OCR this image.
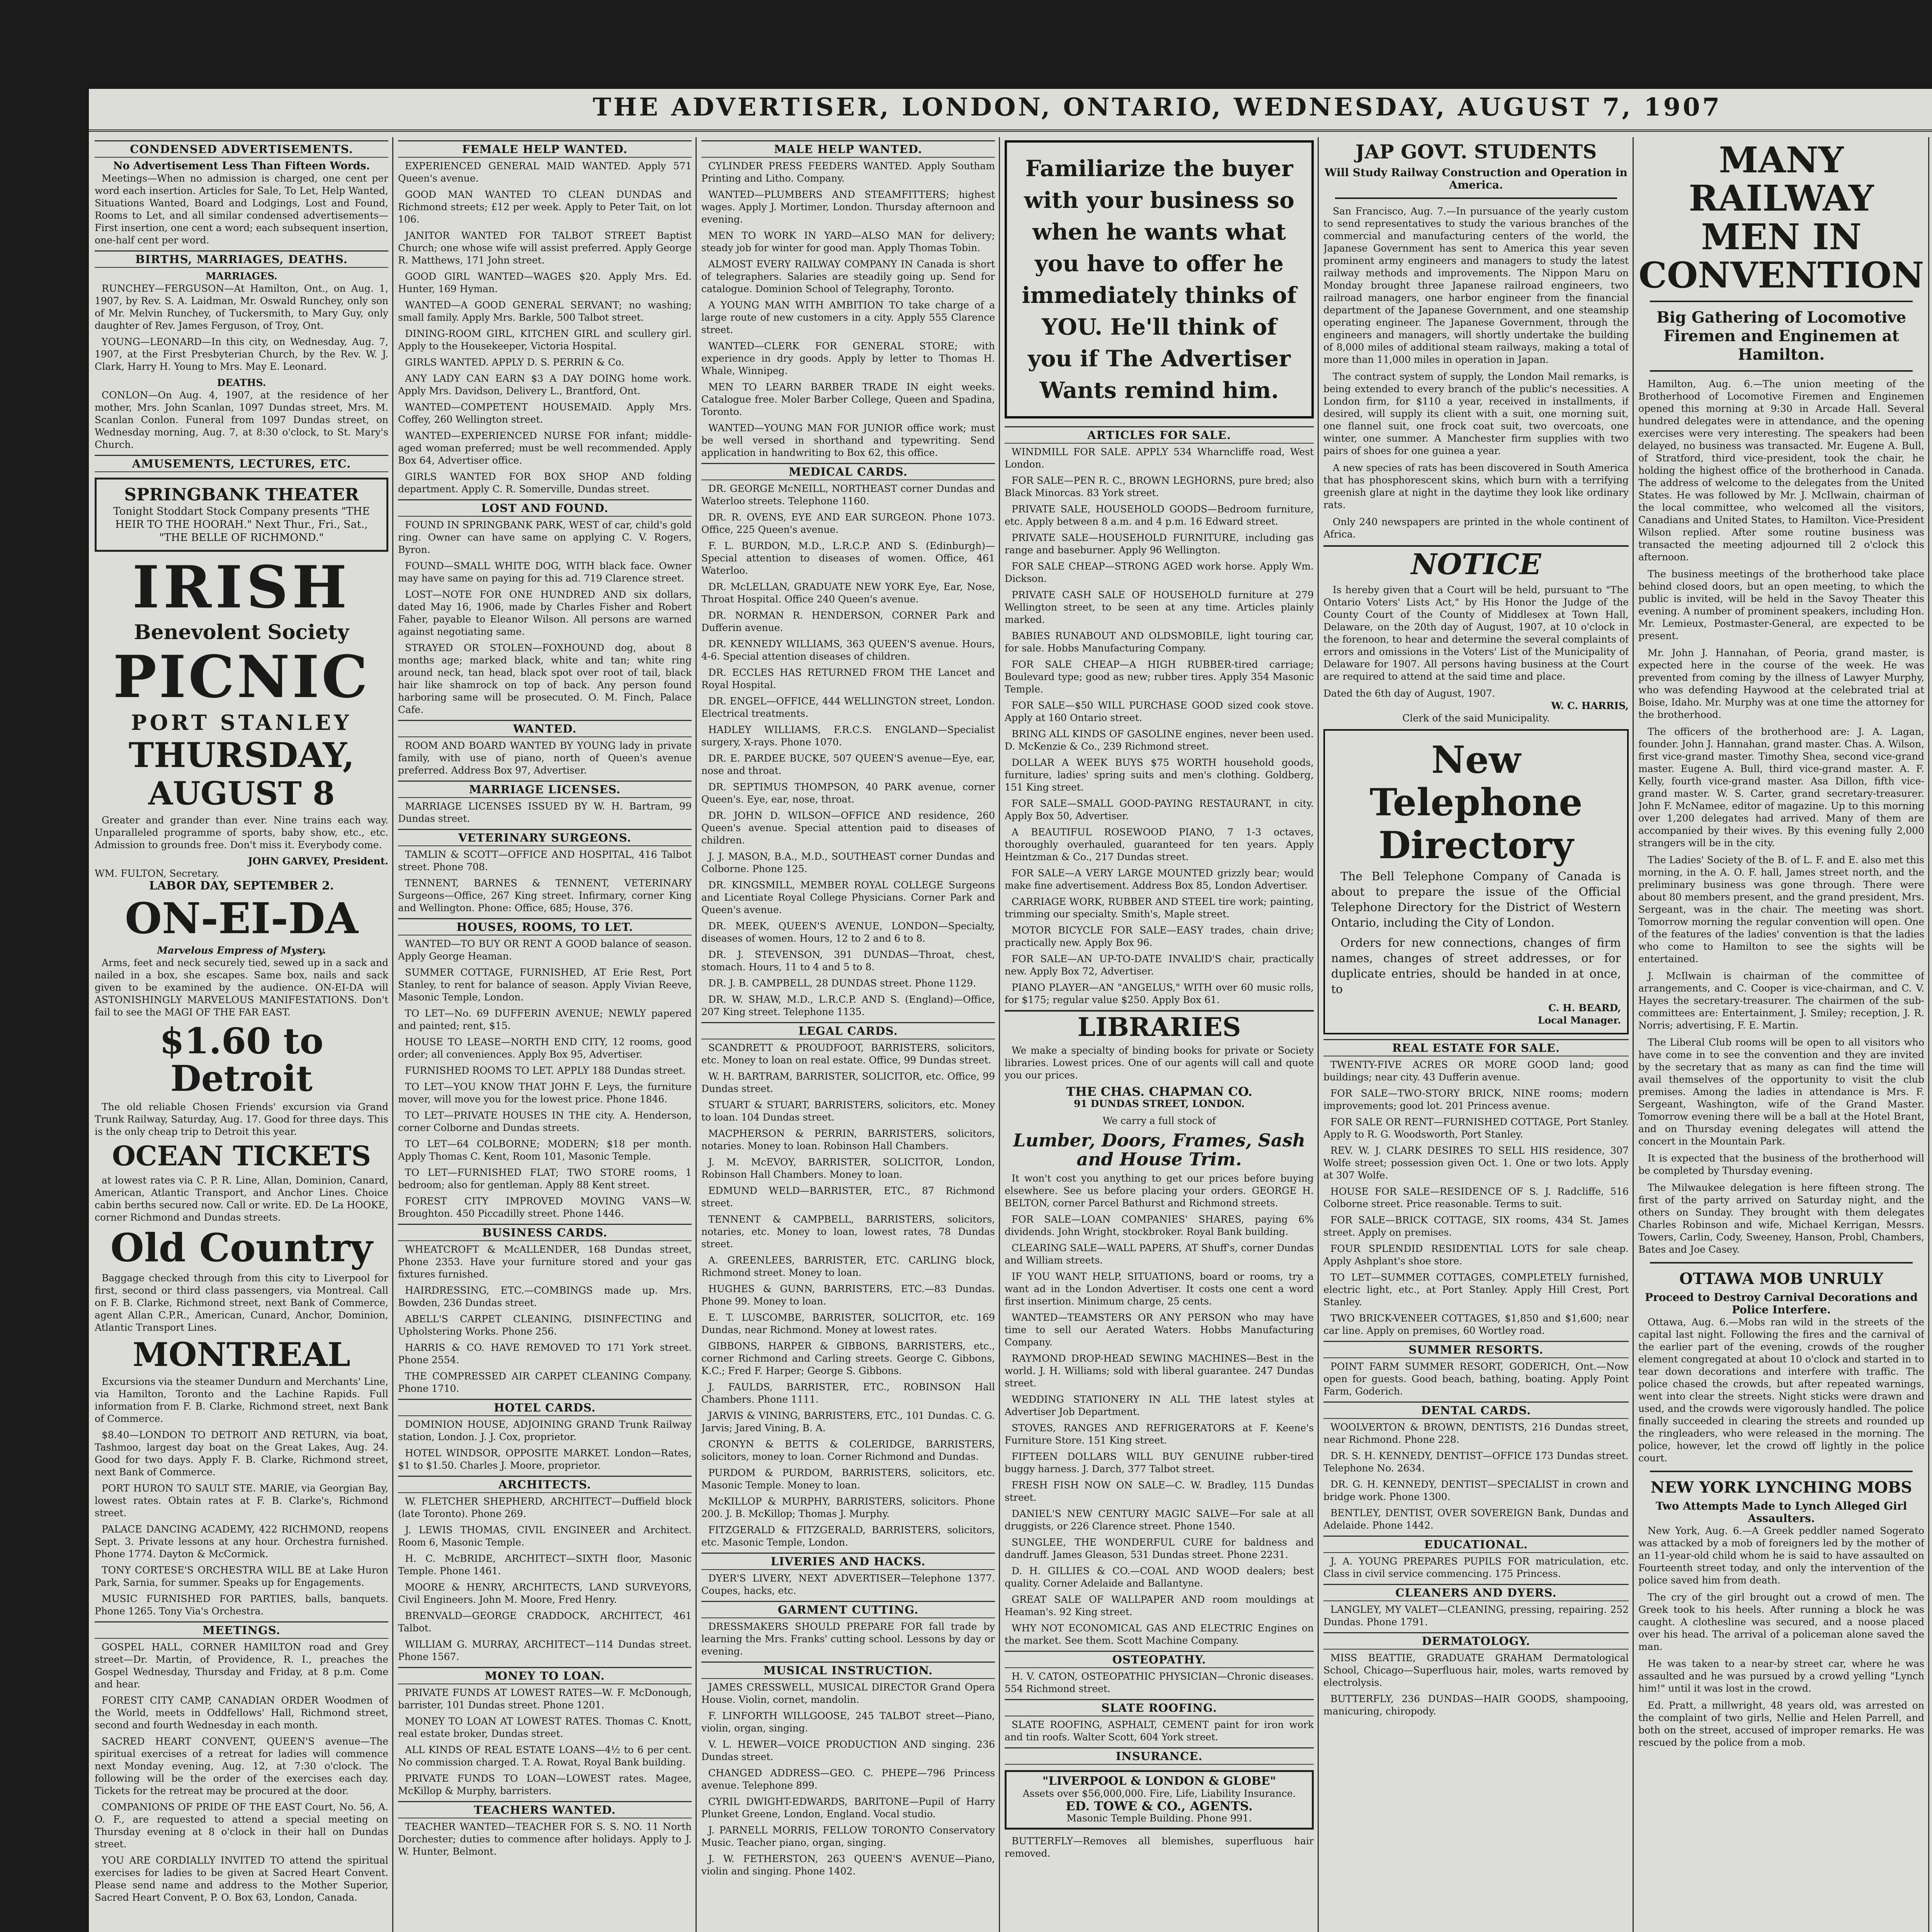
THE ADVERTISER, LONDON, ONTARIO, WEDNESDAY, AUGUST 7, 1907
CONDENSED ADVERTISEMENTS.
No Advertisement Less Than Fifteen Words.

Meetings—When no admission is charged, one cent per word each insertion. Articles for Sale, To Let, Help Wanted, Situations Wanted, Board and Lodgings, Lost and Found, Rooms to Let, and all similar condensed advertisements—First insertion, one cent a word; each subsequent insertion, one-half cent per word.

BIRTHS, MARRIAGES, DEATHS.
MARRIAGES.

RUNCHEY—FERGUSON—At Hamilton, Ont., on Aug. 1, 1907, by Rev. S. A. Laidman, Mr. Oswald Runchey, only son of Mr. Melvin Runchey, of Tuckersmith, to Mary Guy, only daughter of Rev. James Ferguson, of Troy, Ont.

YOUNG—LEONARD—In this city, on Wednesday, Aug. 7, 1907, at the First Presbyterian Church, by the Rev. W. J. Clark, Harry H. Young to Mrs. May E. Leonard.

DEATHS.

CONLON—On Aug. 4, 1907, at the residence of her mother, Mrs. John Scanlan, 1097 Dundas street, Mrs. M. Scanlan Conlon. Funeral from 1097 Dundas street, on Wednesday morning, Aug. 7, at 8:30 o'clock, to St. Mary's Church.

AMUSEMENTS, LECTURES, ETC.
SPRINGBANK THEATER
Tonight Stoddart Stock Company presents "THE HEIR TO THE HOORAH." Next Thur., Fri., Sat., "THE BELLE OF RICHMOND."
IRISH
Benevolent Society
PICNIC
PORT STANLEY
THURSDAY,
AUGUST 8

Greater and grander than ever. Nine trains each way. Unparalleled programme of sports, baby show, etc., etc. Admission to grounds free. Don't miss it. Everybody come.

JOHN GARVEY, President.
WM. FULTON, Secretary.
LABOR DAY, SEPTEMBER 2.
ON-EI-DA
Marvelous Empress of Mystery.

Arms, feet and neck securely tied, sewed up in a sack and nailed in a box, she escapes. Same box, nails and sack given to be examined by the audience. ON-EI-DA will ASTONISHINGLY MARVELOUS MANIFESTATIONS. Don't fail to see the MAGI OF THE FAR EAST.

$1.60 to Detroit

The old reliable Chosen Friends' excursion via Grand Trunk Railway, Saturday, Aug. 17. Good for three days. This is the only cheap trip to Detroit this year.

OCEAN TICKETS

at lowest rates via C. P. R. Line, Allan, Dominion, Canard, American, Atlantic Transport, and Anchor Lines. Choice cabin berths secured now. Call or write. ED. De La HOOKE, corner Richmond and Dundas streets.

Old Country

Baggage checked through from this city to Liverpool for first, second or third class passengers, via Montreal. Call on F. B. Clarke, Richmond street, next Bank of Commerce, agent Allan C.P.R., American, Cunard, Anchor, Dominion, Atlantic Transport Lines.

MONTREAL

Excursions via the steamer Dundurn and Merchants' Line, via Hamilton, Toronto and the Lachine Rapids. Full information from F. B. Clarke, Richmond street, next Bank of Commerce.

$8.40—LONDON TO DETROIT AND RETURN, via boat, Tashmoo, largest day boat on the Great Lakes, Aug. 24. Good for two days. Apply F. B. Clarke, Richmond street, next Bank of Commerce.

PORT HURON TO SAULT STE. MARIE, via Georgian Bay, lowest rates. Obtain rates at F. B. Clarke's, Richmond street.

PALACE DANCING ACADEMY, 422 RICHMOND, reopens Sept. 3. Private lessons at any hour. Orchestra furnished. Phone 1774. Dayton & McCormick.

TONY CORTESE'S ORCHESTRA WILL BE at Lake Huron Park, Sarnia, for summer. Speaks up for Engagements.

MUSIC FURNISHED FOR PARTIES, balls, banquets. Phone 1265. Tony Via's Orchestra.

MEETINGS.

GOSPEL HALL, CORNER HAMILTON road and Grey street—Dr. Martin, of Providence, R. I., preaches the Gospel Wednesday, Thursday and Friday, at 8 p.m. Come and hear.

FOREST CITY CAMP, CANADIAN ORDER Woodmen of the World, meets in Oddfellows' Hall, Richmond street, second and fourth Wednesday in each month.

SACRED HEART CONVENT, QUEEN'S avenue—The spiritual exercises of a retreat for ladies will commence next Monday evening, Aug. 12, at 7:30 o'clock. The following will be the order of the exercises each day. Tickets for the retreat may be procured at the door.

COMPANIONS OF PRIDE OF THE EAST Court, No. 56, A. O. F., are requested to attend a special meeting on Thursday evening at 8 o'clock in their hall on Dundas street.

YOU ARE CORDIALLY INVITED TO attend the spiritual exercises for ladies to be given at Sacred Heart Convent. Please send name and address to the Mother Superior, Sacred Heart Convent, P. O. Box 63, London, Canada.

FEMALE HELP WANTED.

EXPERIENCED GENERAL MAID WANTED. Apply 571 Queen's avenue.

GOOD MAN WANTED TO CLEAN DUNDAS and Richmond streets; £12 per week. Apply to Peter Tait, on lot 106.

JANITOR WANTED FOR TALBOT STREET Baptist Church; one whose wife will assist preferred. Apply George R. Matthews, 171 John street.

GOOD GIRL WANTED—WAGES $20. Apply Mrs. Ed. Hunter, 169 Hyman.

WANTED—A GOOD GENERAL SERVANT; no washing; small family. Apply Mrs. Barkle, 500 Talbot street.

DINING-ROOM GIRL, KITCHEN GIRL and scullery girl. Apply to the Housekeeper, Victoria Hospital.

GIRLS WANTED. APPLY D. S. PERRIN & Co.

ANY LADY CAN EARN $3 A DAY DOING home work. Apply Mrs. Davidson, Delivery L., Brantford, Ont.

WANTED—COMPETENT HOUSEMAID. Apply Mrs. Coffey, 260 Wellington street.

WANTED—EXPERIENCED NURSE FOR infant; middle-aged woman preferred; must be well recommended. Apply Box 64, Advertiser office.

GIRLS WANTED FOR BOX SHOP AND folding department. Apply C. R. Somerville, Dundas street.

LOST AND FOUND.

FOUND IN SPRINGBANK PARK, WEST of car, child's gold ring. Owner can have same on applying C. V. Rogers, Byron.

FOUND—SMALL WHITE DOG, WITH black face. Owner may have same on paying for this ad. 719 Clarence street.

LOST—NOTE FOR ONE HUNDRED AND six dollars, dated May 16, 1906, made by Charles Fisher and Robert Faher, payable to Eleanor Wilson. All persons are warned against negotiating same.

STRAYED OR STOLEN—FOXHOUND dog, about 8 months age; marked black, white and tan; white ring around neck, tan head, black spot over root of tail, black hair like shamrock on top of back. Any person found harboring same will be prosecuted. O. M. Finch, Palace Cafe.

WANTED.

ROOM AND BOARD WANTED BY YOUNG lady in private family, with use of piano, north of Queen's avenue preferred. Address Box 97, Advertiser.

MARRIAGE LICENSES.

MARRIAGE LICENSES ISSUED BY W. H. Bartram, 99 Dundas street.

VETERINARY SURGEONS.

TAMLIN & SCOTT—OFFICE AND HOSPITAL, 416 Talbot street. Phone 708.

TENNENT, BARNES & TENNENT, VETERINARY Surgeons—Office, 267 King street. Infirmary, corner King and Wellington. Phone: Office, 685; House, 376.

HOUSES, ROOMS, TO LET.

WANTED—TO BUY OR RENT A GOOD balance of season. Apply George Heaman.

SUMMER COTTAGE, FURNISHED, AT Erie Rest, Port Stanley, to rent for balance of season. Apply Vivian Reeve, Masonic Temple, London.

TO LET—No. 69 DUFFERIN AVENUE; NEWLY papered and painted; rent, $15.

HOUSE TO LEASE—NORTH END CITY, 12 rooms, good order; all conveniences. Apply Box 95, Advertiser.

FURNISHED ROOMS TO LET. APPLY 188 Dundas street.

TO LET—YOU KNOW THAT JOHN F. Leys, the furniture mover, will move you for the lowest price. Phone 1846.

TO LET—PRIVATE HOUSES IN THE city. A. Henderson, corner Colborne and Dundas streets.

TO LET—64 COLBORNE; MODERN; $18 per month. Apply Thomas C. Kent, Room 101, Masonic Temple.

TO LET—FURNISHED FLAT; TWO STORE rooms, 1 bedroom; also for gentleman. Apply 88 Kent street.

FOREST CITY IMPROVED MOVING VANS—W. Broughton. 450 Piccadilly street. Phone 1446.

BUSINESS CARDS.

WHEATCROFT & McALLENDER, 168 Dundas street, Phone 2353. Have your furniture stored and your gas fixtures furnished.

HAIRDRESSING, ETC.—COMBINGS made up. Mrs. Bowden, 236 Dundas street.

ABELL'S CARPET CLEANING, DISINFECTING and Upholstering Works. Phone 256.

HARRIS & CO. HAVE REMOVED TO 171 York street. Phone 2554.

THE COMPRESSED AIR CARPET CLEANING Company. Phone 1710.

HOTEL CARDS.

DOMINION HOUSE, ADJOINING GRAND Trunk Railway station, London. J. J. Cox, proprietor.

HOTEL WINDSOR, OPPOSITE MARKET. London—Rates, $1 to $1.50. Charles J. Moore, proprietor.

ARCHITECTS.

W. FLETCHER SHEPHERD, ARCHITECT—Duffield block (late Toronto). Phone 269.

J. LEWIS THOMAS, CIVIL ENGINEER and Architect. Room 6, Masonic Temple.

H. C. McBRIDE, ARCHITECT—SIXTH floor, Masonic Temple. Phone 1461.

MOORE & HENRY, ARCHITECTS, LAND SURVEYORS, Civil Engineers. John M. Moore, Fred Henry.

BRENVALD—GEORGE CRADDOCK, ARCHITECT, 461 Talbot.

WILLIAM G. MURRAY, ARCHITECT—114 Dundas street. Phone 1567.

MONEY TO LOAN.

PRIVATE FUNDS AT LOWEST RATES—W. F. McDonough, barrister, 101 Dundas street. Phone 1201.

MONEY TO LOAN AT LOWEST RATES. Thomas C. Knott, real estate broker, Dundas street.

ALL KINDS OF REAL ESTATE LOANS—4½ to 6 per cent. No commission charged. T. A. Rowat, Royal Bank building.

PRIVATE FUNDS TO LOAN—LOWEST rates. Magee, McKillop & Murphy, barristers.

TEACHERS WANTED.

TEACHER WANTED—TEACHER FOR S. S. NO. 11 North Dorchester; duties to commence after holidays. Apply to J. W. Hunter, Belmont.

MALE HELP WANTED.

CYLINDER PRESS FEEDERS WANTED. Apply Southam Printing and Litho. Company.

WANTED—PLUMBERS AND STEAMFITTERS; highest wages. Apply J. Mortimer, London. Thursday afternoon and evening.

MEN TO WORK IN YARD—ALSO MAN for delivery; steady job for winter for good man. Apply Thomas Tobin.

ALMOST EVERY RAILWAY COMPANY IN Canada is short of telegraphers. Salaries are steadily going up. Send for catalogue. Dominion School of Telegraphy, Toronto.

A YOUNG MAN WITH AMBITION TO take charge of a large route of new customers in a city. Apply 555 Clarence street.

WANTED—CLERK FOR GENERAL STORE; with experience in dry goods. Apply by letter to Thomas H. Whale, Winnipeg.

MEN TO LEARN BARBER TRADE IN eight weeks. Catalogue free. Moler Barber College, Queen and Spadina, Toronto.

WANTED—YOUNG MAN FOR JUNIOR office work; must be well versed in shorthand and typewriting. Send application in handwriting to Box 62, this office.

MEDICAL CARDS.

DR. GEORGE McNEILL, NORTHEAST corner Dundas and Waterloo streets. Telephone 1160.

DR. R. OVENS, EYE AND EAR SURGEON. Phone 1073. Office, 225 Queen's avenue.

F. L. BURDON, M.D., L.R.C.P. AND S. (Edinburgh)—Special attention to diseases of women. Office, 461 Waterloo.

DR. McLELLAN, GRADUATE NEW YORK Eye, Ear, Nose, Throat Hospital. Office 240 Queen's avenue.

DR. NORMAN R. HENDERSON, CORNER Park and Dufferin avenue.

DR. KENNEDY WILLIAMS, 363 QUEEN'S avenue. Hours, 4-6. Special attention diseases of children.

DR. ECCLES HAS RETURNED FROM THE Lancet and Royal Hospital.

DR. ENGEL—OFFICE, 444 WELLINGTON street, London. Electrical treatments.

HADLEY WILLIAMS, F.R.C.S. ENGLAND—Specialist surgery, X-rays. Phone 1070.

DR. E. PARDEE BUCKE, 507 QUEEN'S avenue—Eye, ear, nose and throat.

DR. SEPTIMUS THOMPSON, 40 PARK avenue, corner Queen's. Eye, ear, nose, throat.

DR. JOHN D. WILSON—OFFICE AND residence, 260 Queen's avenue. Special attention paid to diseases of children.

J. J. MASON, B.A., M.D., SOUTHEAST corner Dundas and Colborne. Phone 125.

DR. KINGSMILL, MEMBER ROYAL COLLEGE Surgeons and Licentiate Royal College Physicians. Corner Park and Queen's avenue.

DR. MEEK, QUEEN'S AVENUE, LONDON—Specialty, diseases of women. Hours, 12 to 2 and 6 to 8.

DR. J. STEVENSON, 391 DUNDAS—Throat, chest, stomach. Hours, 11 to 4 and 5 to 8.

DR. J. B. CAMPBELL, 28 DUNDAS street. Phone 1129.

DR. W. SHAW, M.D., L.R.C.P. AND S. (England)—Office, 207 King street. Telephone 1135.

LEGAL CARDS.

SCANDRETT & PROUDFOOT, BARRISTERS, solicitors, etc. Money to loan on real estate. Office, 99 Dundas street.

W. H. BARTRAM, BARRISTER, SOLICITOR, etc. Office, 99 Dundas street.

STUART & STUART, BARRISTERS, solicitors, etc. Money to loan. 104 Dundas street.

MACPHERSON & PERRIN, BARRISTERS, solicitors, notaries. Money to loan. Robinson Hall Chambers.

J. M. McEVOY, BARRISTER, SOLICITOR, London, Robinson Hall Chambers. Money to loan.

EDMUND WELD—BARRISTER, ETC., 87 Richmond street.

TENNENT & CAMPBELL, BARRISTERS, solicitors, notaries, etc. Money to loan, lowest rates, 78 Dundas street.

A. GREENLEES, BARRISTER, ETC. CARLING block, Richmond street. Money to loan.

HUGHES & GUNN, BARRISTERS, ETC.—83 Dundas. Phone 99. Money to loan.

E. T. LUSCOMBE, BARRISTER, SOLICITOR, etc. 169 Dundas, near Richmond. Money at lowest rates.

GIBBONS, HARPER & GIBBONS, BARRISTERS, etc., corner Richmond and Carling streets. George C. Gibbons, K.C.; Fred F. Harper; George S. Gibbons.

J. FAULDS, BARRISTER, ETC., ROBINSON Hall Chambers. Phone 1111.

JARVIS & VINING, BARRISTERS, ETC., 101 Dundas. C. G. Jarvis; Jared Vining, B. A.

CRONYN & BETTS & COLERIDGE, BARRISTERS, solicitors, money to loan. Corner Richmond and Dundas.

PURDOM & PURDOM, BARRISTERS, solicitors, etc. Masonic Temple. Money to loan.

McKILLOP & MURPHY, BARRISTERS, solicitors. Phone 200. J. B. McKillop; Thomas J. Murphy.

FITZGERALD & FITZGERALD, BARRISTERS, solicitors, etc. Masonic Temple, London.

LIVERIES AND HACKS.

DYER'S LIVERY, NEXT ADVERTISER—Telephone 1377. Coupes, hacks, etc.

GARMENT CUTTING.

DRESSMAKERS SHOULD PREPARE FOR fall trade by learning the Mrs. Franks' cutting school. Lessons by day or evening.

MUSICAL INSTRUCTION.

JAMES CRESSWELL, MUSICAL DIRECTOR Grand Opera House. Violin, cornet, mandolin.

F. LINFORTH WILLGOOSE, 245 TALBOT street—Piano, violin, organ, singing.

V. L. HEWER—VOICE PRODUCTION AND singing. 236 Dundas street.

CHANGED ADDRESS—GEO. C. PHEPE—796 Princess avenue. Telephone 899.

CYRIL DWIGHT-EDWARDS, BARITONE—Pupil of Harry Plunket Greene, London, England. Vocal studio.

J. PARNELL MORRIS, FELLOW TORONTO Conservatory Music. Teacher piano, organ, singing.

J. W. FETHERSTON, 263 QUEEN'S AVENUE—Piano, violin and singing. Phone 1402.

Familiarize the buyer with your business so when he wants what you have to offer he immediately thinks of YOU. He'll think of you if The Advertiser Wants remind him.
ARTICLES FOR SALE.

WINDMILL FOR SALE. APPLY 534 Wharncliffe road, West London.

FOR SALE—PEN R. C., BROWN LEGHORNS, pure bred; also Black Minorcas. 83 York street.

PRIVATE SALE, HOUSEHOLD GOODS—Bedroom furniture, etc. Apply between 8 a.m. and 4 p.m. 16 Edward street.

PRIVATE SALE—HOUSEHOLD FURNITURE, including gas range and baseburner. Apply 96 Wellington.

FOR SALE CHEAP—STRONG AGED work horse. Apply Wm. Dickson.

PRIVATE CASH SALE OF HOUSEHOLD furniture at 279 Wellington street, to be seen at any time. Articles plainly marked.

BABIES RUNABOUT AND OLDSMOBILE, light touring car, for sale. Hobbs Manufacturing Company.

FOR SALE CHEAP—A HIGH RUBBER-tired carriage; Boulevard type; good as new; rubber tires. Apply 354 Masonic Temple.

FOR SALE—$50 WILL PURCHASE GOOD sized cook stove. Apply at 160 Ontario street.

BRING ALL KINDS OF GASOLINE engines, never been used. D. McKenzie & Co., 239 Richmond street.

DOLLAR A WEEK BUYS $75 WORTH household goods, furniture, ladies' spring suits and men's clothing. Goldberg, 151 King street.

FOR SALE—SMALL GOOD-PAYING RESTAURANT, in city. Apply Box 50, Advertiser.

A BEAUTIFUL ROSEWOOD PIANO, 7 1-3 octaves, thoroughly overhauled, guaranteed for ten years. Apply Heintzman & Co., 217 Dundas street.

FOR SALE—A VERY LARGE MOUNTED grizzly bear; would make fine advertisement. Address Box 85, London Advertiser.

CARRIAGE WORK, RUBBER AND STEEL tire work; painting, trimming our specialty. Smith's, Maple street.

MOTOR BICYCLE FOR SALE—EASY trades, chain drive; practically new. Apply Box 96.

FOR SALE—AN UP-TO-DATE INVALID'S chair, practically new. Apply Box 72, Advertiser.

PIANO PLAYER—AN "ANGELUS," WITH over 60 music rolls, for $175; regular value $250. Apply Box 61.

LIBRARIES

We make a specialty of binding books for private or Society libraries. Lowest prices. One of our agents will call and quote you our prices.

THE CHAS. CHAPMAN CO.
91 DUNDAS STREET, LONDON.
We carry a full stock of
Lumber, Doors, Frames, Sash and House Trim.

It won't cost you anything to get our prices before buying elsewhere. See us before placing your orders. GEORGE H. BELTON, corner Parcel Bathurst and Richmond streets.

FOR SALE—LOAN COMPANIES' SHARES, paying 6% dividends. John Wright, stockbroker. Royal Bank building.

CLEARING SALE—WALL PAPERS, AT Shuff's, corner Dundas and William streets.

IF YOU WANT HELP, SITUATIONS, board or rooms, try a want ad in the London Advertiser. It costs one cent a word first insertion. Minimum charge, 25 cents.

WANTED—TEAMSTERS OR ANY PERSON who may have time to sell our Aerated Waters. Hobbs Manufacturing Company.

RAYMOND DROP-HEAD SEWING MACHINES—Best in the world. J. H. Williams; sold with liberal guarantee. 247 Dundas street.

WEDDING STATIONERY IN ALL THE latest styles at Advertiser Job Department.

STOVES, RANGES AND REFRIGERATORS at F. Keene's Furniture Store. 151 King street.

FIFTEEN DOLLARS WILL BUY GENUINE rubber-tired buggy harness. J. Darch, 377 Talbot street.

FRESH FISH NOW ON SALE—C. W. Bradley, 115 Dundas street.

DANIEL'S NEW CENTURY MAGIC SALVE—For sale at all druggists, or 226 Clarence street. Phone 1540.

SUNGLEE, THE WONDERFUL CURE for baldness and dandruff. James Gleason, 531 Dundas street. Phone 2231.

D. H. GILLIES & CO.—COAL AND WOOD dealers; best quality. Corner Adelaide and Ballantyne.

GREAT SALE OF WALLPAPER AND room mouldings at Heaman's. 92 King street.

WHY NOT ECONOMICAL GAS AND ELECTRIC Engines on the market. See them. Scott Machine Company.

OSTEOPATHY.

H. V. CATON, OSTEOPATHIC PHYSICIAN—Chronic diseases. 554 Richmond street.

SLATE ROOFING.

SLATE ROOFING, ASPHALT, CEMENT paint for iron work and tin roofs. Walter Scott, 604 York street.

INSURANCE.
"LIVERPOOL & LONDON & GLOBE"
Assets over $56,000,000. Fire, Life, Liability Insurance.
ED. TOWE & CO., AGENTS.
Masonic Temple Building. Phone 991.

BUTTERFLY—Removes all blemishes, superfluous hair removed.

JAP GOVT. STUDENTS
Will Study Railway Construction and Operation in America.

San Francisco, Aug. 7.—In pursuance of the yearly custom to send representatives to study the various branches of the commercial and manufacturing centers of the world, the Japanese Government has sent to America this year seven prominent army engineers and managers to study the latest railway methods and improvements. The Nippon Maru on Monday brought three Japanese railroad engineers, two railroad managers, one harbor engineer from the financial department of the Japanese Government, and one steamship operating engineer. The Japanese Government, through the engineers and managers, will shortly undertake the building of 8,000 miles of additional steam railways, making a total of more than 11,000 miles in operation in Japan.

The contract system of supply, the London Mail remarks, is being extended to every branch of the public's necessities. A London firm, for $110 a year, received in installments, if desired, will supply its client with a suit, one morning suit, one flannel suit, one frock coat suit, two overcoats, one winter, one summer. A Manchester firm supplies with two pairs of shoes for one guinea a year.

A new species of rats has been discovered in South America that has phosphorescent skins, which burn with a terrifying greenish glare at night in the daytime they look like ordinary rats.

Only 240 newspapers are printed in the whole continent of Africa.

NOTICE

Is hereby given that a Court will be held, pursuant to "The Ontario Voters' Lists Act," by His Honor the Judge of the County Court of the County of Middlesex at Town Hall, Delaware, on the 20th day of August, 1907, at 10 o'clock in the forenoon, to hear and determine the several complaints of errors and omissions in the Voters' List of the Municipality of Delaware for 1907. All persons having business at the Court are required to attend at the said time and place.

Dated the 6th day of August, 1907.
W. C. HARRIS,
Clerk of the said Municipality.
New
Telephone
Directory

The Bell Telephone Company of Canada is about to prepare the issue of the Official Telephone Directory for the District of Western Ontario, including the City of London.

Orders for new connections, changes of firm names, changes of street addresses, or for duplicate entries, should be handed in at once, to

C. H. BEARD,
Local Manager.
REAL ESTATE FOR SALE.

TWENTY-FIVE ACRES OR MORE GOOD land; good buildings; near city. 43 Dufferin avenue.

FOR SALE—TWO-STORY BRICK, NINE rooms; modern improvements; good lot. 201 Princess avenue.

FOR SALE OR RENT—FURNISHED COTTAGE, Port Stanley. Apply to R. G. Woodsworth, Port Stanley.

REV. W. J. CLARK DESIRES TO SELL HIS residence, 307 Wolfe street; possession given Oct. 1. One or two lots. Apply at 307 Wolfe.

HOUSE FOR SALE—RESIDENCE OF S. J. Radcliffe, 516 Colborne street. Price reasonable. Terms to suit.

FOR SALE—BRICK COTTAGE, SIX rooms, 434 St. James street. Apply on premises.

FOUR SPLENDID RESIDENTIAL LOTS for sale cheap. Apply Ashplant's shoe store.

TO LET—SUMMER COTTAGES, COMPLETELY furnished, electric light, etc., at Port Stanley. Apply Hill Crest, Port Stanley.

TWO BRICK-VENEER COTTAGES, $1,850 and $1,600; near car line. Apply on premises, 60 Wortley road.

SUMMER RESORTS.

POINT FARM SUMMER RESORT, GODERICH, Ont.—Now open for guests. Good beach, bathing, boating. Apply Point Farm, Goderich.

DENTAL CARDS.

WOOLVERTON & BROWN, DENTISTS, 216 Dundas street, near Richmond. Phone 228.

DR. S. H. KENNEDY, DENTIST—OFFICE 173 Dundas street. Telephone No. 2634.

DR. G. H. KENNEDY, DENTIST—SPECIALIST in crown and bridge work. Phone 1300.

BENTLEY, DENTIST, OVER SOVEREIGN Bank, Dundas and Adelaide. Phone 1442.

EDUCATIONAL.

J. A. YOUNG PREPARES PUPILS FOR matriculation, etc. Class in civil service commencing. 175 Princess.

CLEANERS AND DYERS.

LANGLEY, MY VALET—CLEANING, pressing, repairing. 252 Dundas. Phone 1791.

DERMATOLOGY.

MISS BEATTIE, GRADUATE GRAHAM Dermatological School, Chicago—Superfluous hair, moles, warts removed by electrolysis.

BUTTERFLY, 236 DUNDAS—HAIR GOODS, shampooing, manicuring, chiropody.

MANY RAILWAY MEN IN CONVENTION
Big Gathering of Locomotive Firemen and Enginemen at Hamilton.

Hamilton, Aug. 6.—The union meeting of the Brotherhood of Locomotive Firemen and Enginemen opened this morning at 9:30 in Arcade Hall. Several hundred delegates were in attendance, and the opening exercises were very interesting. The speakers had been delayed, no business was transacted. Mr. Eugene A. Bull, of Stratford, third vice-president, took the chair, he holding the highest office of the brotherhood in Canada. The address of welcome to the delegates from the United States. He was followed by Mr. J. McIlwain, chairman of the local committee, who welcomed all the visitors, Canadians and United States, to Hamilton. Vice-President Wilson replied. After some routine business was transacted the meeting adjourned till 2 o'clock this afternoon.

The business meetings of the brotherhood take place behind closed doors, but an open meeting, to which the public is invited, will be held in the Savoy Theater this evening. A number of prominent speakers, including Hon. Mr. Lemieux, Postmaster-General, are expected to be present.

Mr. John J. Hannahan, of Peoria, grand master, is expected here in the course of the week. He was prevented from coming by the illness of Lawyer Murphy, who was defending Haywood at the celebrated trial at Boise, Idaho. Mr. Murphy was at one time the attorney for the brotherhood.

The officers of the brotherhood are: J. A. Lagan, founder. John J. Hannahan, grand master. Chas. A. Wilson, first vice-grand master. Timothy Shea, second vice-grand master. Eugene A. Bull, third vice-grand master. A. F. Kelly, fourth vice-grand master. Asa Dillon, fifth vice-grand master. W. S. Carter, grand secretary-treasurer. John F. McNamee, editor of magazine. Up to this morning over 1,200 delegates had arrived. Many of them are accompanied by their wives. By this evening fully 2,000 strangers will be in the city.

The Ladies' Society of the B. of L. F. and E. also met this morning, in the A. O. F. hall, James street north, and the preliminary business was gone through. There were about 80 members present, and the grand president, Mrs. Sergeant, was in the chair. The meeting was short. Tomorrow morning the regular convention will open. One of the features of the ladies' convention is that the ladies who come to Hamilton to see the sights will be entertained.

J. McIlwain is chairman of the committee of arrangements, and C. Cooper is vice-chairman, and C. V. Hayes the secretary-treasurer. The chairmen of the sub-committees are: Entertainment, J. Smiley; reception, J. R. Norris; advertising, F. E. Martin.

The Liberal Club rooms will be open to all visitors who have come in to see the convention and they are invited by the secretary that as many as can find the time will avail themselves of the opportunity to visit the club premises. Among the ladies in attendance is Mrs. F. Sergeant, Washington, wife of the Grand Master. Tomorrow evening there will be a ball at the Hotel Brant, and on Thursday evening delegates will attend the concert in the Mountain Park.

It is expected that the business of the brotherhood will be completed by Thursday evening.

The Milwaukee delegation is here fifteen strong. The first of the party arrived on Saturday night, and the others on Sunday. They brought with them delegates Charles Robinson and wife, Michael Kerrigan, Messrs. Towers, Carlin, Cody, Sweeney, Hanson, Probl, Chambers, Bates and Joe Casey.

OTTAWA MOB UNRULY
Proceed to Destroy Carnival Decorations and Police Interfere.

Ottawa, Aug. 6.—Mobs ran wild in the streets of the capital last night. Following the fires and the carnival of the earlier part of the evening, crowds of the rougher element congregated at about 10 o'clock and started in to tear down decorations and interfere with traffic. The police chased the crowds, but after repeated warnings, went into clear the streets. Night sticks were drawn and used, and the crowds were vigorously handled. The police finally succeeded in clearing the streets and rounded up the ringleaders, who were released in the morning. The police, however, let the crowd off lightly in the police court.

NEW YORK LYNCHING MOBS
Two Attempts Made to Lynch Alleged Girl Assaulters.

New York, Aug. 6.—A Greek peddler named Sogerato was attacked by a mob of foreigners led by the mother of an 11-year-old child whom he is said to have assaulted on Fourteenth street today, and only the intervention of the police saved him from death.

The cry of the girl brought out a crowd of men. The Greek took to his heels. After running a block he was caught. A clothesline was secured, and a noose placed over his head. The arrival of a policeman alone saved the man.

He was taken to a near-by street car, where he was assaulted and he was pursued by a crowd yelling "Lynch him!" until it was lost in the crowd.

Ed. Pratt, a millwright, 48 years old, was arrested on the complaint of two girls, Nellie and Helen Parrell, and both on the street, accused of improper remarks. He was rescued by the police from a mob.
